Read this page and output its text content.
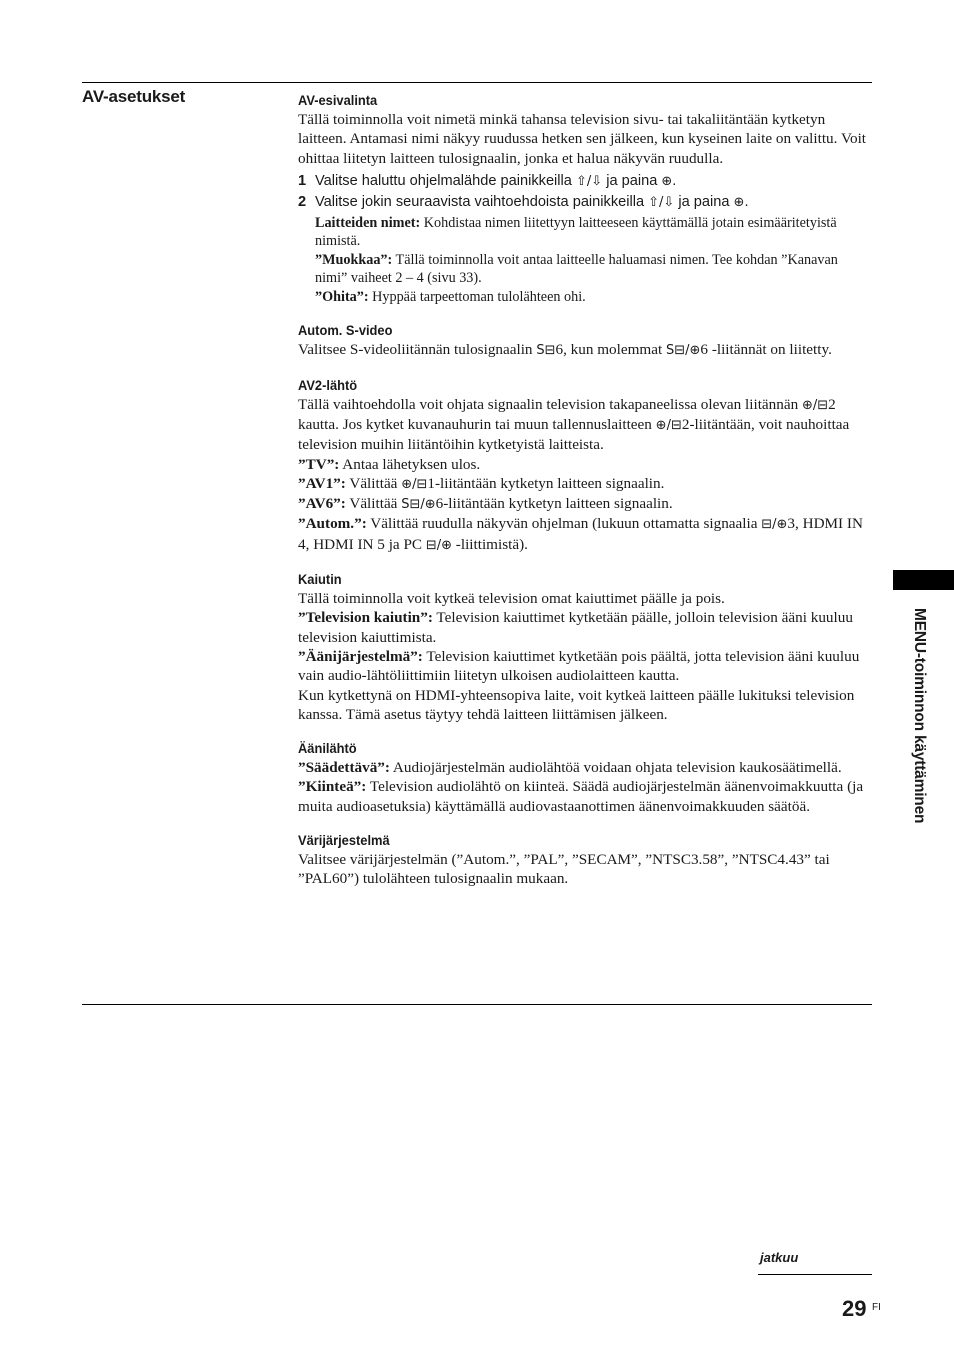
AV-asetukset	AV-esivalinta

Tällä toiminnolla voit nimetä minkä tahansa television sivu- tai takaliitäntään kytketyn laitteen. Antamasi nimi näkyy ruudussa hetken sen jälkeen, kun kyseinen laite on valittu. Voit ohittaa liitetyn laitteen tulosignaalin, jonka et halua näkyvän ruudulla.

1 Valitse haluttu ohjelmalähde painikkeilla ⇧/⇩ ja paina ⊕.
2 Valitse jokin seuraavista vaihtoehdoista painikkeilla ⇧/⇩ ja paina ⊕.

Laitteiden nimet: Kohdistaa nimen liitettyyn laitteeseen käyttämällä jotain esimääritetyistä nimistä.

”Muokkaa”: Tällä toiminnolla voit antaa laitteelle haluamasi nimen. Tee kohdan ”Kanavan nimi” vaiheet 2 – 4 (sivu 33).

”Ohita”: Hyppää tarpeettoman tulolähteen ohi.

Autom. S-video

Valitsee S-videoliitännän tulosignaalin S⊟6, kun molemmat S⊟/⊕6 -liitännät on liitetty.

AV2-lähtö

Tällä vaihtoehdolla voit ohjata signaalin television takapaneelissa olevan liitännän ⊕/⊟2 kautta. Jos kytket kuvanauhurin tai muun tallennuslaitteen ⊕/⊟2-liitäntään, voit nauhoittaa television muihin liitäntöihin kytketyistä laitteista.

”TV”: Antaa lähetyksen ulos.

”AV1”: Välittää ⊕/⊟1-liitäntään kytketyn laitteen signaalin.

”AV6”: Välittää S⊟/⊕6-liitäntään kytketyn laitteen signaalin.

”Autom.”: Välittää ruudulla näkyvän ohjelman (lukuun ottamatta signaalia ⊟/⊕3, HDMI IN 4, HDMI IN 5 ja PC ⊟/⊕ -liittimistä).

Kaiutin

Tällä toiminnolla voit kytkeä television omat kaiuttimet päälle ja pois.

”Television kaiutin”: Television kaiuttimet kytketään päälle, jolloin television ääni kuuluu television kaiuttimista.

”Äänijärjestelmä”: Television kaiuttimet kytketään pois päältä, jotta television ääni kuuluu vain audio-lähtöliittimiin liitetyn ulkoisen audiolaitteen kautta.

Kun kytkettynä on HDMI-yhteensopiva laite, voit kytkeä laitteen päälle lukituksi television kanssa. Tämä asetus täytyy tehdä laitteen liittämisen jälkeen.

Äänilähtö

”Säädettävä”: Audiojärjestelmän audiolähtöä voidaan ohjata television kaukosäätimellä.

”Kiinteä”: Television audiolähtö on kiinteä. Säädä audiojärjestelmän äänenvoimakkuutta (ja muita audioasetuksia) käyttämällä audiovastaanottimen äänenvoimakkuuden säätöä.

Värijärjestelmä

Valitsee värijärjestelmän (”Autom.”, ”PAL”, ”SECAM”, ”NTSC3.58”, ”NTSC4.43” tai ”PAL60”) tulolähteen tulosignaalin mukaan.

MENU-toiminnon käyttäminen
jatkuu
29 FI
